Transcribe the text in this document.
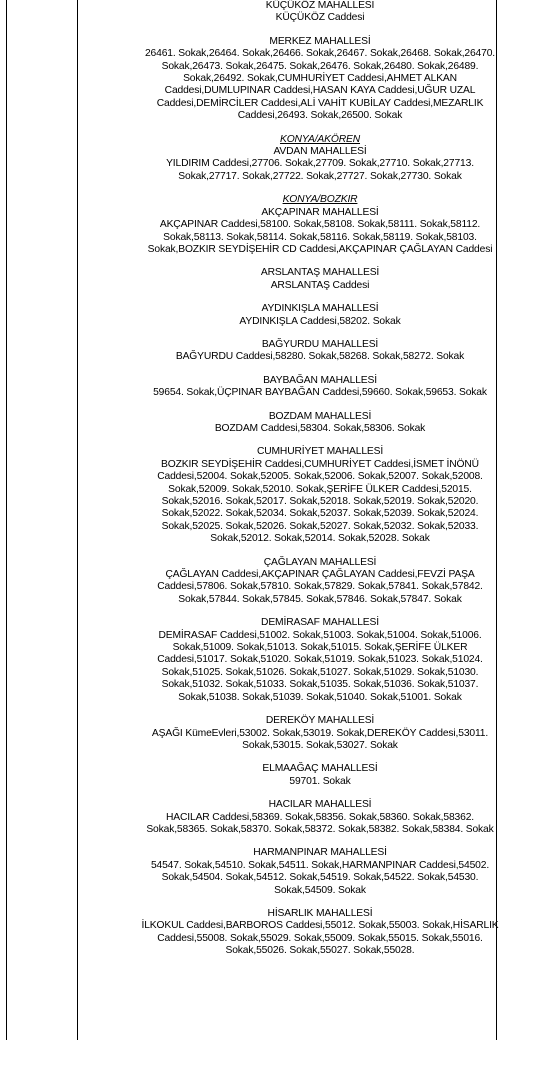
KÜÇÜKÖZ MAHALLESİ
KÜÇÜKÖZ Caddesi
MERKEZ MAHALLESİ
26461. Sokak,26464. Sokak,26466. Sokak,26467. Sokak,26468. Sokak,26470. Sokak,26473. Sokak,26475. Sokak,26476. Sokak,26480. Sokak,26489. Sokak,26492. Sokak,CUMHURİYET Caddesi,AHMET ALKAN Caddesi,DUMLUPINAR Caddesi,HASAN KAYA Caddesi,UĞUR UZAL Caddesi,DEMİRCİLER Caddesi,ALİ VAHİT KUBİLAY Caddesi,MEZARLIK Caddesi,26493. Sokak,26500. Sokak
KONYA/AKÖREN
AVDAN MAHALLESİ
YILDIRIM Caddesi,27706. Sokak,27709. Sokak,27710. Sokak,27713. Sokak,27717. Sokak,27722. Sokak,27727. Sokak,27730. Sokak
KONYA/BOZKIR
AKÇAPINAR MAHALLESİ
AKÇAPINAR Caddesi,58100. Sokak,58108. Sokak,58111. Sokak,58112. Sokak,58113. Sokak,58114. Sokak,58116. Sokak,58119. Sokak,58103. Sokak,BOZKIR SEYDİŞEHİR CD Caddesi,AKÇAPINAR ÇAĞLAYAN Caddesi
ARSLANTAŞ MAHALLESİ
ARSLANTAŞ Caddesi
AYDINKIŞLA MAHALLESİ
AYDINKIŞLA Caddesi,58202. Sokak
BAĞYURDU MAHALLESİ
BAĞYURDU Caddesi,58280. Sokak,58268. Sokak,58272. Sokak
BAYBAĞAN MAHALLESİ
59654. Sokak,ÜÇPINAR BAYBAĞAN Caddesi,59660. Sokak,59653. Sokak
BOZDAM MAHALLESİ
BOZDAM Caddesi,58304. Sokak,58306. Sokak
CUMHURİYET MAHALLESİ
BOZKIR SEYDİŞEHİR Caddesi,CUMHURİYET Caddesi,İSMET İNÖNÜ Caddesi,52004. Sokak,52005. Sokak,52006. Sokak,52007. Sokak,52008. Sokak,52009. Sokak,52010. Sokak,ŞERİFE ÜLKER Caddesi,52015. Sokak,52016. Sokak,52017. Sokak,52018. Sokak,52019. Sokak,52020. Sokak,52022. Sokak,52034. Sokak,52037. Sokak,52039. Sokak,52024. Sokak,52025. Sokak,52026. Sokak,52027. Sokak,52032. Sokak,52033. Sokak,52012. Sokak,52014. Sokak,52028. Sokak
ÇAĞLAYAN MAHALLESİ
ÇAĞLAYAN Caddesi,AKÇAPINAR ÇAĞLAYAN Caddesi,FEVZİ PAŞA Caddesi,57806. Sokak,57810. Sokak,57829. Sokak,57841. Sokak,57842. Sokak,57844. Sokak,57845. Sokak,57846. Sokak,57847. Sokak
DEMİRASAF MAHALLESİ
DEMİRASAF Caddesi,51002. Sokak,51003. Sokak,51004. Sokak,51006. Sokak,51009. Sokak,51013. Sokak,51015. Sokak,ŞERİFE ÜLKER Caddesi,51017. Sokak,51020. Sokak,51019. Sokak,51023. Sokak,51024. Sokak,51025. Sokak,51026. Sokak,51027. Sokak,51029. Sokak,51030. Sokak,51032. Sokak,51033. Sokak,51035. Sokak,51036. Sokak,51037. Sokak,51038. Sokak,51039. Sokak,51040. Sokak,51001. Sokak
DEREKÖY MAHALLESİ
AŞAĞI KümeEvleri,53002. Sokak,53019. Sokak,DEREKÖY Caddesi,53011. Sokak,53015. Sokak,53027. Sokak
ELMAAĞAÇ MAHALLESİ
59701. Sokak
HACILAR MAHALLESİ
HACILAR Caddesi,58369. Sokak,58356. Sokak,58360. Sokak,58362. Sokak,58365. Sokak,58370. Sokak,58372. Sokak,58382. Sokak,58384. Sokak
HARMANPINAR MAHALLESİ
54547. Sokak,54510. Sokak,54511. Sokak,HARMANPINAR Caddesi,54502. Sokak,54504. Sokak,54512. Sokak,54519. Sokak,54522. Sokak,54530. Sokak,54509. Sokak
HİSARLIK MAHALLESİ
İLKOKUL Caddesi,BARBOROS Caddesi,55012. Sokak,55003. Sokak,HİSARLIK Caddesi,55008. Sokak,55029. Sokak,55009. Sokak,55015. Sokak,55016. Sokak,55026. Sokak,55027. Sokak,55028.
